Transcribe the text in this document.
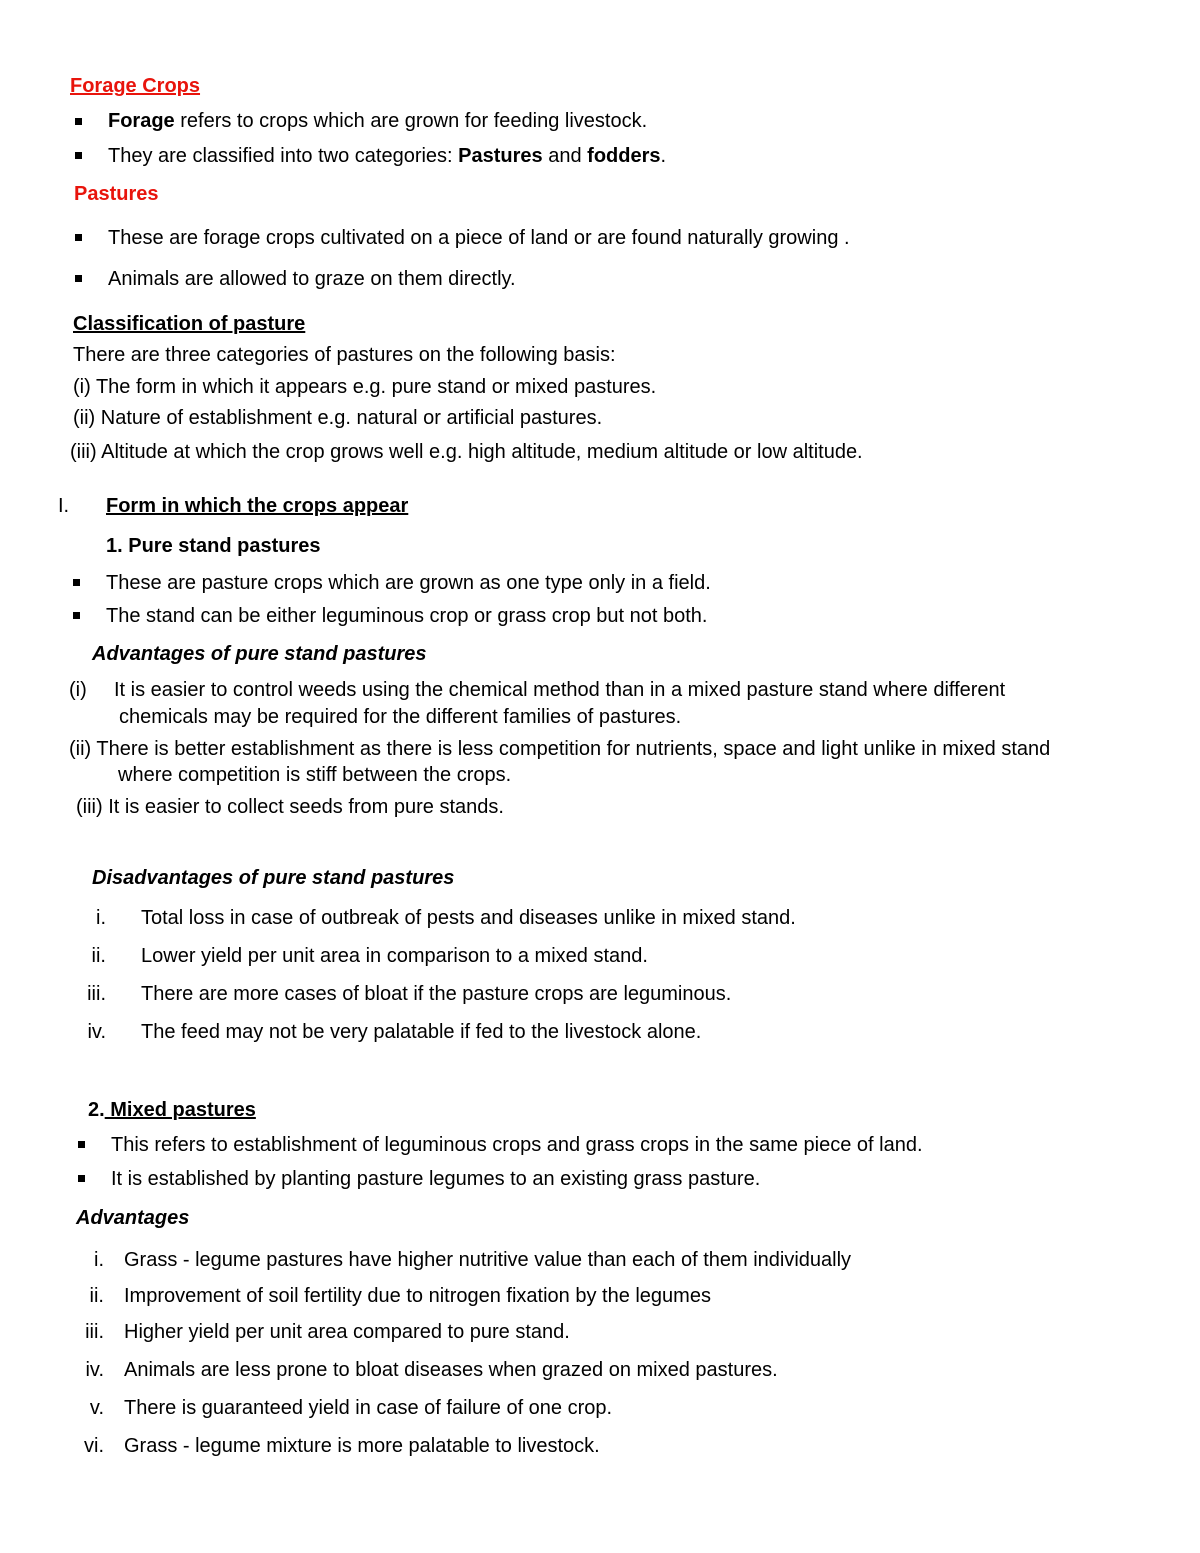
Forage Crops
Forage refers to crops which are grown for feeding livestock.
They are classified into two categories: Pastures and fodders.
Pastures
These are forage crops cultivated on a piece of land or are found naturally growing .
Animals are allowed to graze on them directly.
Classification of pasture
There are three categories of pastures on the following basis:
(i) The form in which it appears e.g. pure stand or mixed pastures.
(ii) Nature of establishment e.g. natural or artificial pastures.
(iii) Altitude at which the crop grows well e.g. high altitude, medium altitude or low altitude.
I. Form in which the crops appear
1. Pure stand pastures
These are pasture crops which are grown as one type only in a field.
The stand can be either leguminous crop or grass crop but not both.
Advantages of pure stand pastures
(i) It is easier to control weeds using the chemical method than in a mixed pasture stand where different
chemicals may be required for the different families of pastures.
(ii) There is better establishment as there is less competition for nutrients, space and light unlike in mixed stand
where competition is stiff between the crops.
(iii) It is easier to collect seeds from pure stands.
Disadvantages of pure stand pastures
i. Total loss in case of outbreak of pests and diseases unlike in mixed stand.
ii. Lower yield per unit area in comparison to a mixed stand.
iii. There are more cases of bloat if the pasture crops are leguminous.
iv. The feed may not be very palatable if fed to the livestock alone.
2. Mixed pastures
This refers to establishment of leguminous crops and grass crops in the same piece of land.
It is established by planting pasture legumes to an existing grass pasture.
Advantages
i. Grass - legume pastures have higher nutritive value than each of them individually
ii. Improvement of soil fertility due to nitrogen fixation by the legumes
iii. Higher yield per unit area compared to pure stand.
iv. Animals are less prone to bloat diseases when grazed on mixed pastures.
v. There is guaranteed yield in case of failure of one crop.
vi. Grass - legume mixture is more palatable to livestock.
